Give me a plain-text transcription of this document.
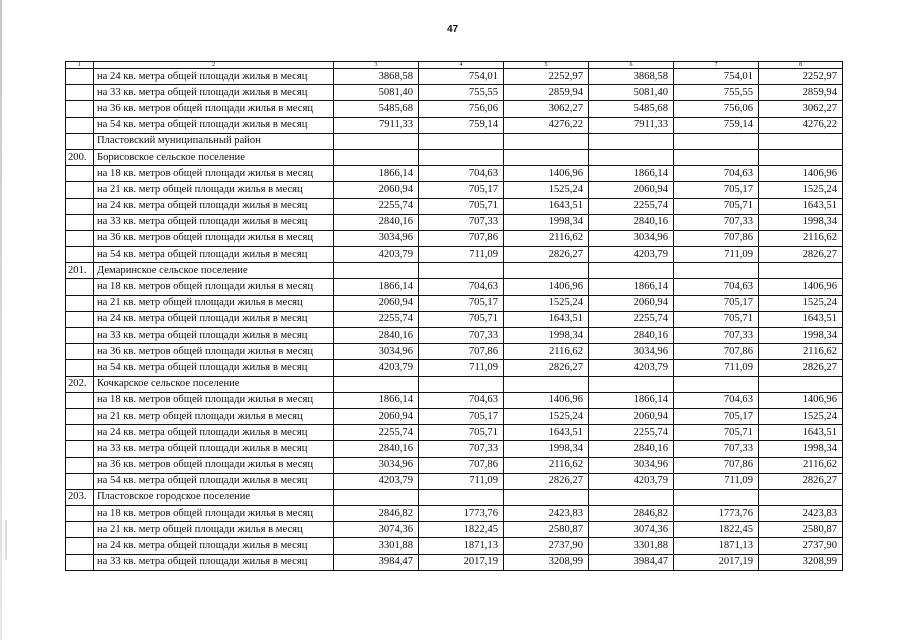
47
1	2	3	4	5	6	7	8
	на 24 кв. метра общей площади жилья в месяц	3868,58	754,01	2252,97	3868,58	754,01	2252,97
	на 33 кв. метра общей площади жилья в месяц	5081,40	755,55	2859,94	5081,40	755,55	2859,94
	на 36 кв. метров общей площади жилья в месяц	5485,68	756,06	3062,27	5485,68	756,06	3062,27
	на 54 кв. метра общей площади жилья в месяц	7911,33	759,14	4276,22	7911,33	759,14	4276,22
	Пластовский муниципальный район						
200.	Борисовское сельское поселение						
	на 18 кв. метров общей площади жилья в месяц	1866,14	704,63	1406,96	1866,14	704,63	1406,96
	на 21 кв. метр общей площади жилья в месяц	2060,94	705,17	1525,24	2060,94	705,17	1525,24
	на 24 кв. метра общей площади жилья в месяц	2255,74	705,71	1643,51	2255,74	705,71	1643,51
	на 33 кв. метра общей площади жилья в месяц	2840,16	707,33	1998,34	2840,16	707,33	1998,34
	на 36 кв. метров общей площади жилья в месяц	3034,96	707,86	2116,62	3034,96	707,86	2116,62
	на 54 кв. метра общей площади жилья в месяц	4203,79	711,09	2826,27	4203,79	711,09	2826,27
201.	Демаринское сельское поселение						
	на 18 кв. метров общей площади жилья в месяц	1866,14	704,63	1406,96	1866,14	704,63	1406,96
	на 21 кв. метр общей площади жилья в месяц	2060,94	705,17	1525,24	2060,94	705,17	1525,24
	на 24 кв. метра общей площади жилья в месяц	2255,74	705,71	1643,51	2255,74	705,71	1643,51
	на 33 кв. метра общей площади жилья в месяц	2840,16	707,33	1998,34	2840,16	707,33	1998,34
	на 36 кв. метров общей площади жилья в месяц	3034,96	707,86	2116,62	3034,96	707,86	2116,62
	на 54 кв. метра общей площади жилья в месяц	4203,79	711,09	2826,27	4203,79	711,09	2826,27
202.	Кочкарское сельское поселение						
	на 18 кв. метров общей площади жилья в месяц	1866,14	704,63	1406,96	1866,14	704,63	1406,96
	на 21 кв. метр общей площади жилья в месяц	2060,94	705,17	1525,24	2060,94	705,17	1525,24
	на 24 кв. метра общей площади жилья в месяц	2255,74	705,71	1643,51	2255,74	705,71	1643,51
	на 33 кв. метра общей площади жилья в месяц	2840,16	707,33	1998,34	2840,16	707,33	1998,34
	на 36 кв. метров общей площади жилья в месяц	3034,96	707,86	2116,62	3034,96	707,86	2116,62
	на 54 кв. метра общей площади жилья в месяц	4203,79	711,09	2826,27	4203,79	711,09	2826,27
203.	Пластовское городское поселение						
	на 18 кв. метров общей площади жилья в месяц	2846,82	1773,76	2423,83	2846,82	1773,76	2423,83
	на 21 кв. метр общей площади жилья в месяц	3074,36	1822,45	2580,87	3074,36	1822,45	2580,87
	на 24 кв. метра общей площади жилья в месяц	3301,88	1871,13	2737,90	3301,88	1871,13	2737,90
	на 33 кв. метра общей площади жилья в месяц	3984,47	2017,19	3208,99	3984,47	2017,19	3208,99
